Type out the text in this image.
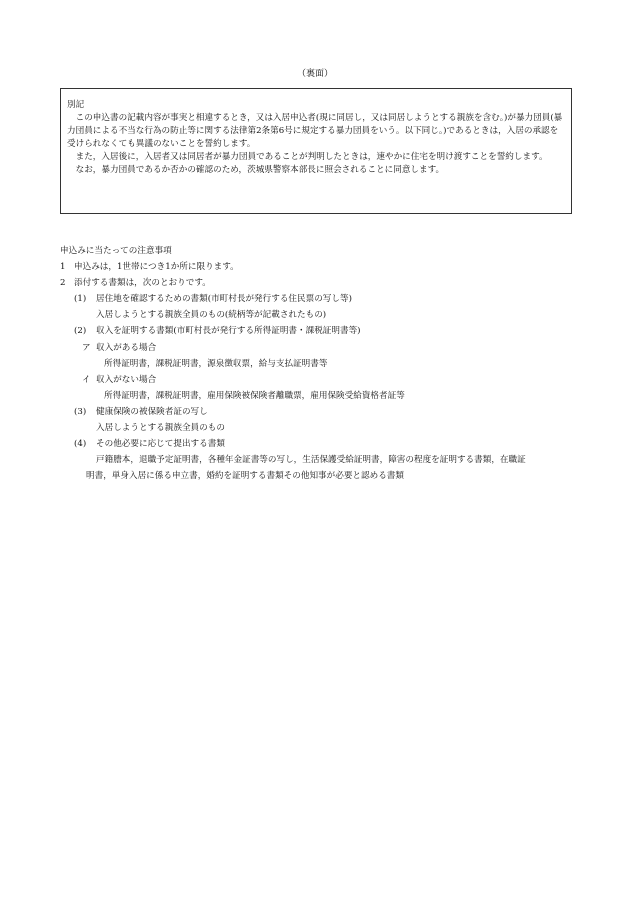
（裏面）

別記

この申込書の記載内容が事実と相違するとき，又は入居申込者(現に同居し，又は同居しようとする親族を含む。)が暴力団員(暴力団員による不当な行為の防止等に関する法律第2条第6号に規定する暴力団員をいう。以下同じ。)であるときは，入居の承認を受けられなくても異議のないことを誓約します。

また，入居後に，入居者又は同居者が暴力団員であることが判明したときは，速やかに住宅を明け渡すことを誓約します。

なお，暴力団員であるか否かの確認のため，茨城県警察本部長に照会されることに同意します。

申込みに当たっての注意事項
1 申込みは，1世帯につき1か所に限ります。
2 添付する書類は，次のとおりです。
(1) 居住地を確認するための書類(市町村長が発行する住民票の写し等)
入居しようとする親族全員のもの(続柄等が記載されたもの)
(2) 収入を証明する書類(市町村長が発行する所得証明書・課税証明書等)
ア 収入がある場合
所得証明書，課税証明書，源泉徴収票，給与支払証明書等
イ 収入がない場合
所得証明書，課税証明書，雇用保険被保険者離職票，雇用保険受給資格者証等
(3) 健康保険の被保険者証の写し
入居しようとする親族全員のもの
(4) その他必要に応じて提出する書類
戸籍謄本，退職予定証明書，各種年金証書等の写し，生活保護受給証明書，障害の程度を証明する書類，在職証
明書，単身入居に係る申立書，婚約を証明する書類その他知事が必要と認める書類
